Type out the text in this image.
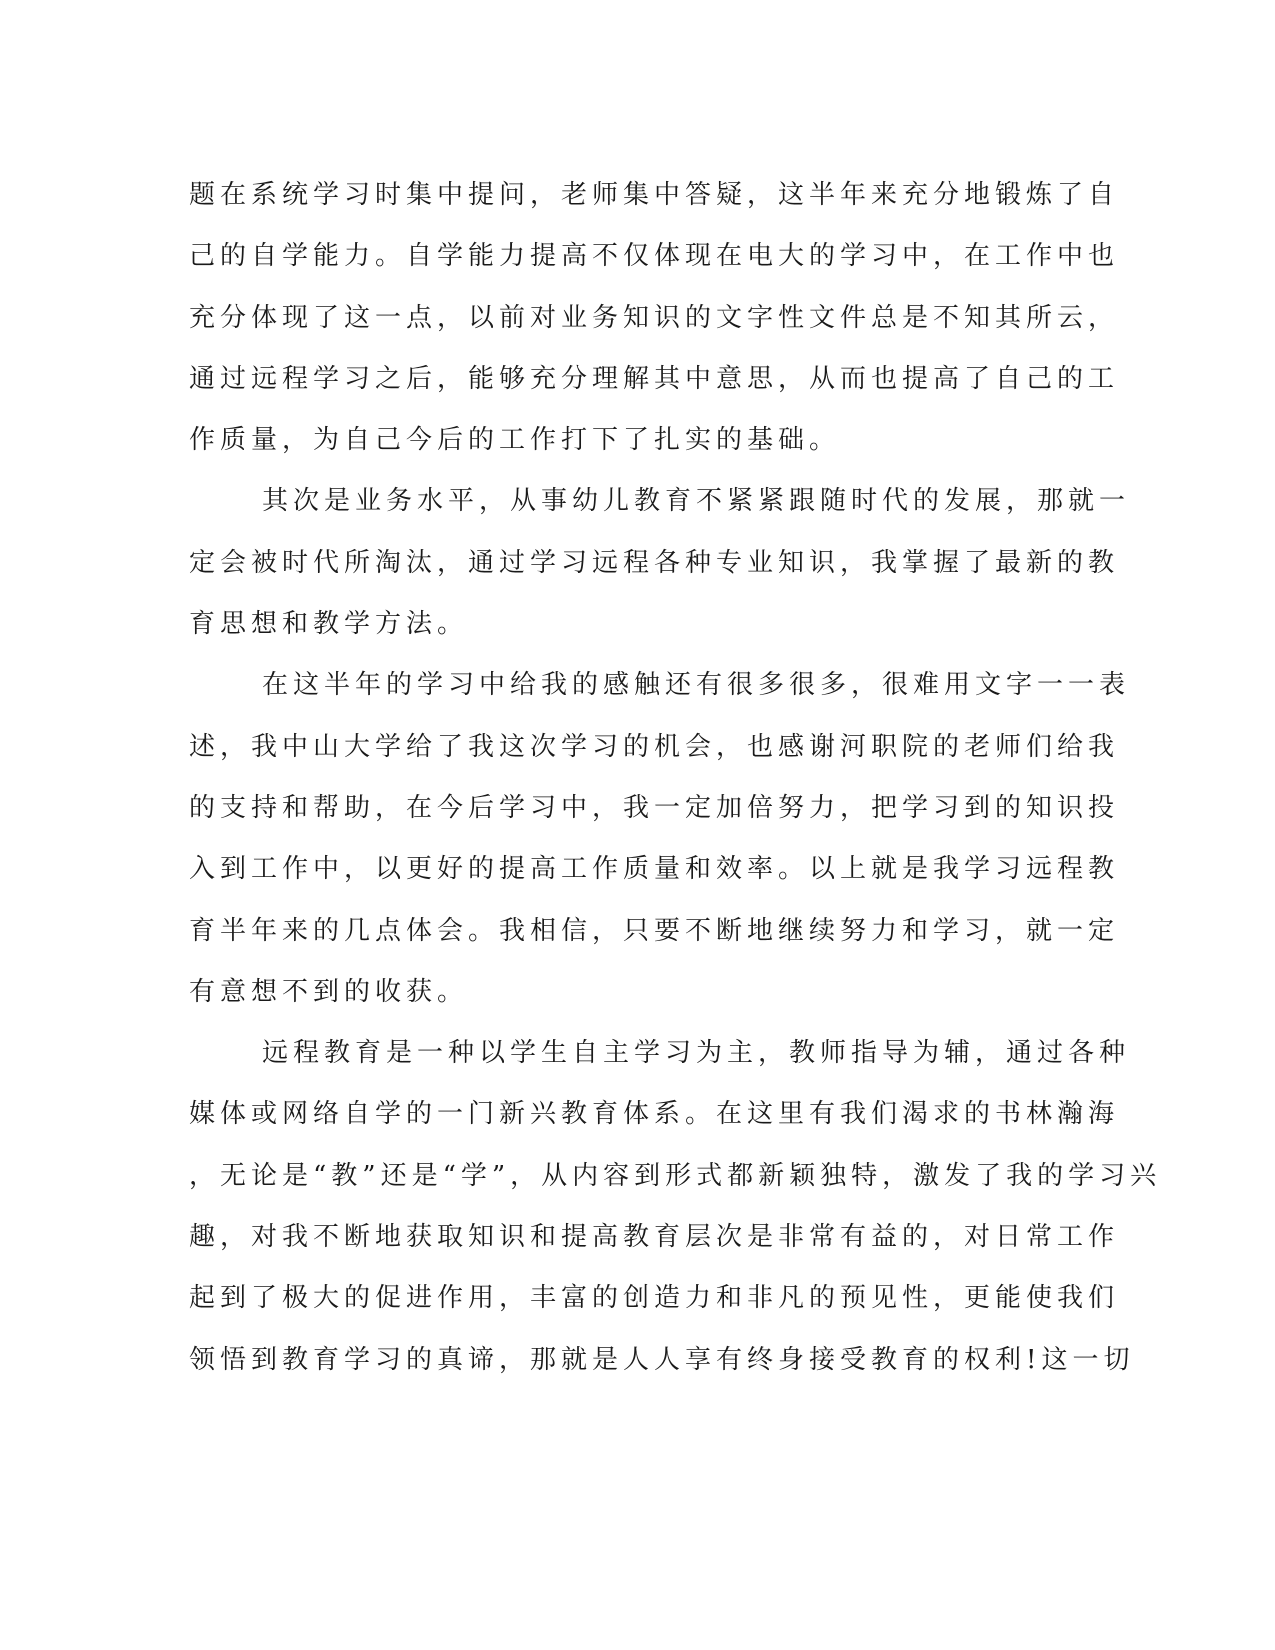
题在系统学习时集中提问，老师集中答疑，这半年来充分地锻炼了自
己的自学能力。自学能力提高不仅体现在电大的学习中，在工作中也
充分体现了这一点，以前对业务知识的文字性文件总是不知其所云，
通过远程学习之后，能够充分理解其中意思，从而也提高了自己的工
作质量，为自己今后的工作打下了扎实的基础。
其次是业务水平，从事幼儿教育不紧紧跟随时代的发展，那就一
定会被时代所淘汰，通过学习远程各种专业知识，我掌握了最新的教
育思想和教学方法。
在这半年的学习中给我的感触还有很多很多，很难用文字一一表
述，我中山大学给了我这次学习的机会，也感谢河职院的老师们给我
的支持和帮助，在今后学习中，我一定加倍努力，把学习到的知识投
入到工作中，以更好的提高工作质量和效率。以上就是我学习远程教
育半年来的几点体会。我相信，只要不断地继续努力和学习，就一定
有意想不到的收获。
远程教育是一种以学生自主学习为主，教师指导为辅，通过各种
媒体或网络自学的一门新兴教育体系。在这里有我们渴求的书林瀚海
，无论是“教”还是“学”，从内容到形式都新颖独特，激发了我的学习兴
趣，对我不断地获取知识和提高教育层次是非常有益的，对日常工作
起到了极大的促进作用，丰富的创造力和非凡的预见性，更能使我们
领悟到教育学习的真谛，那就是人人享有终身接受教育的权利!这一切
